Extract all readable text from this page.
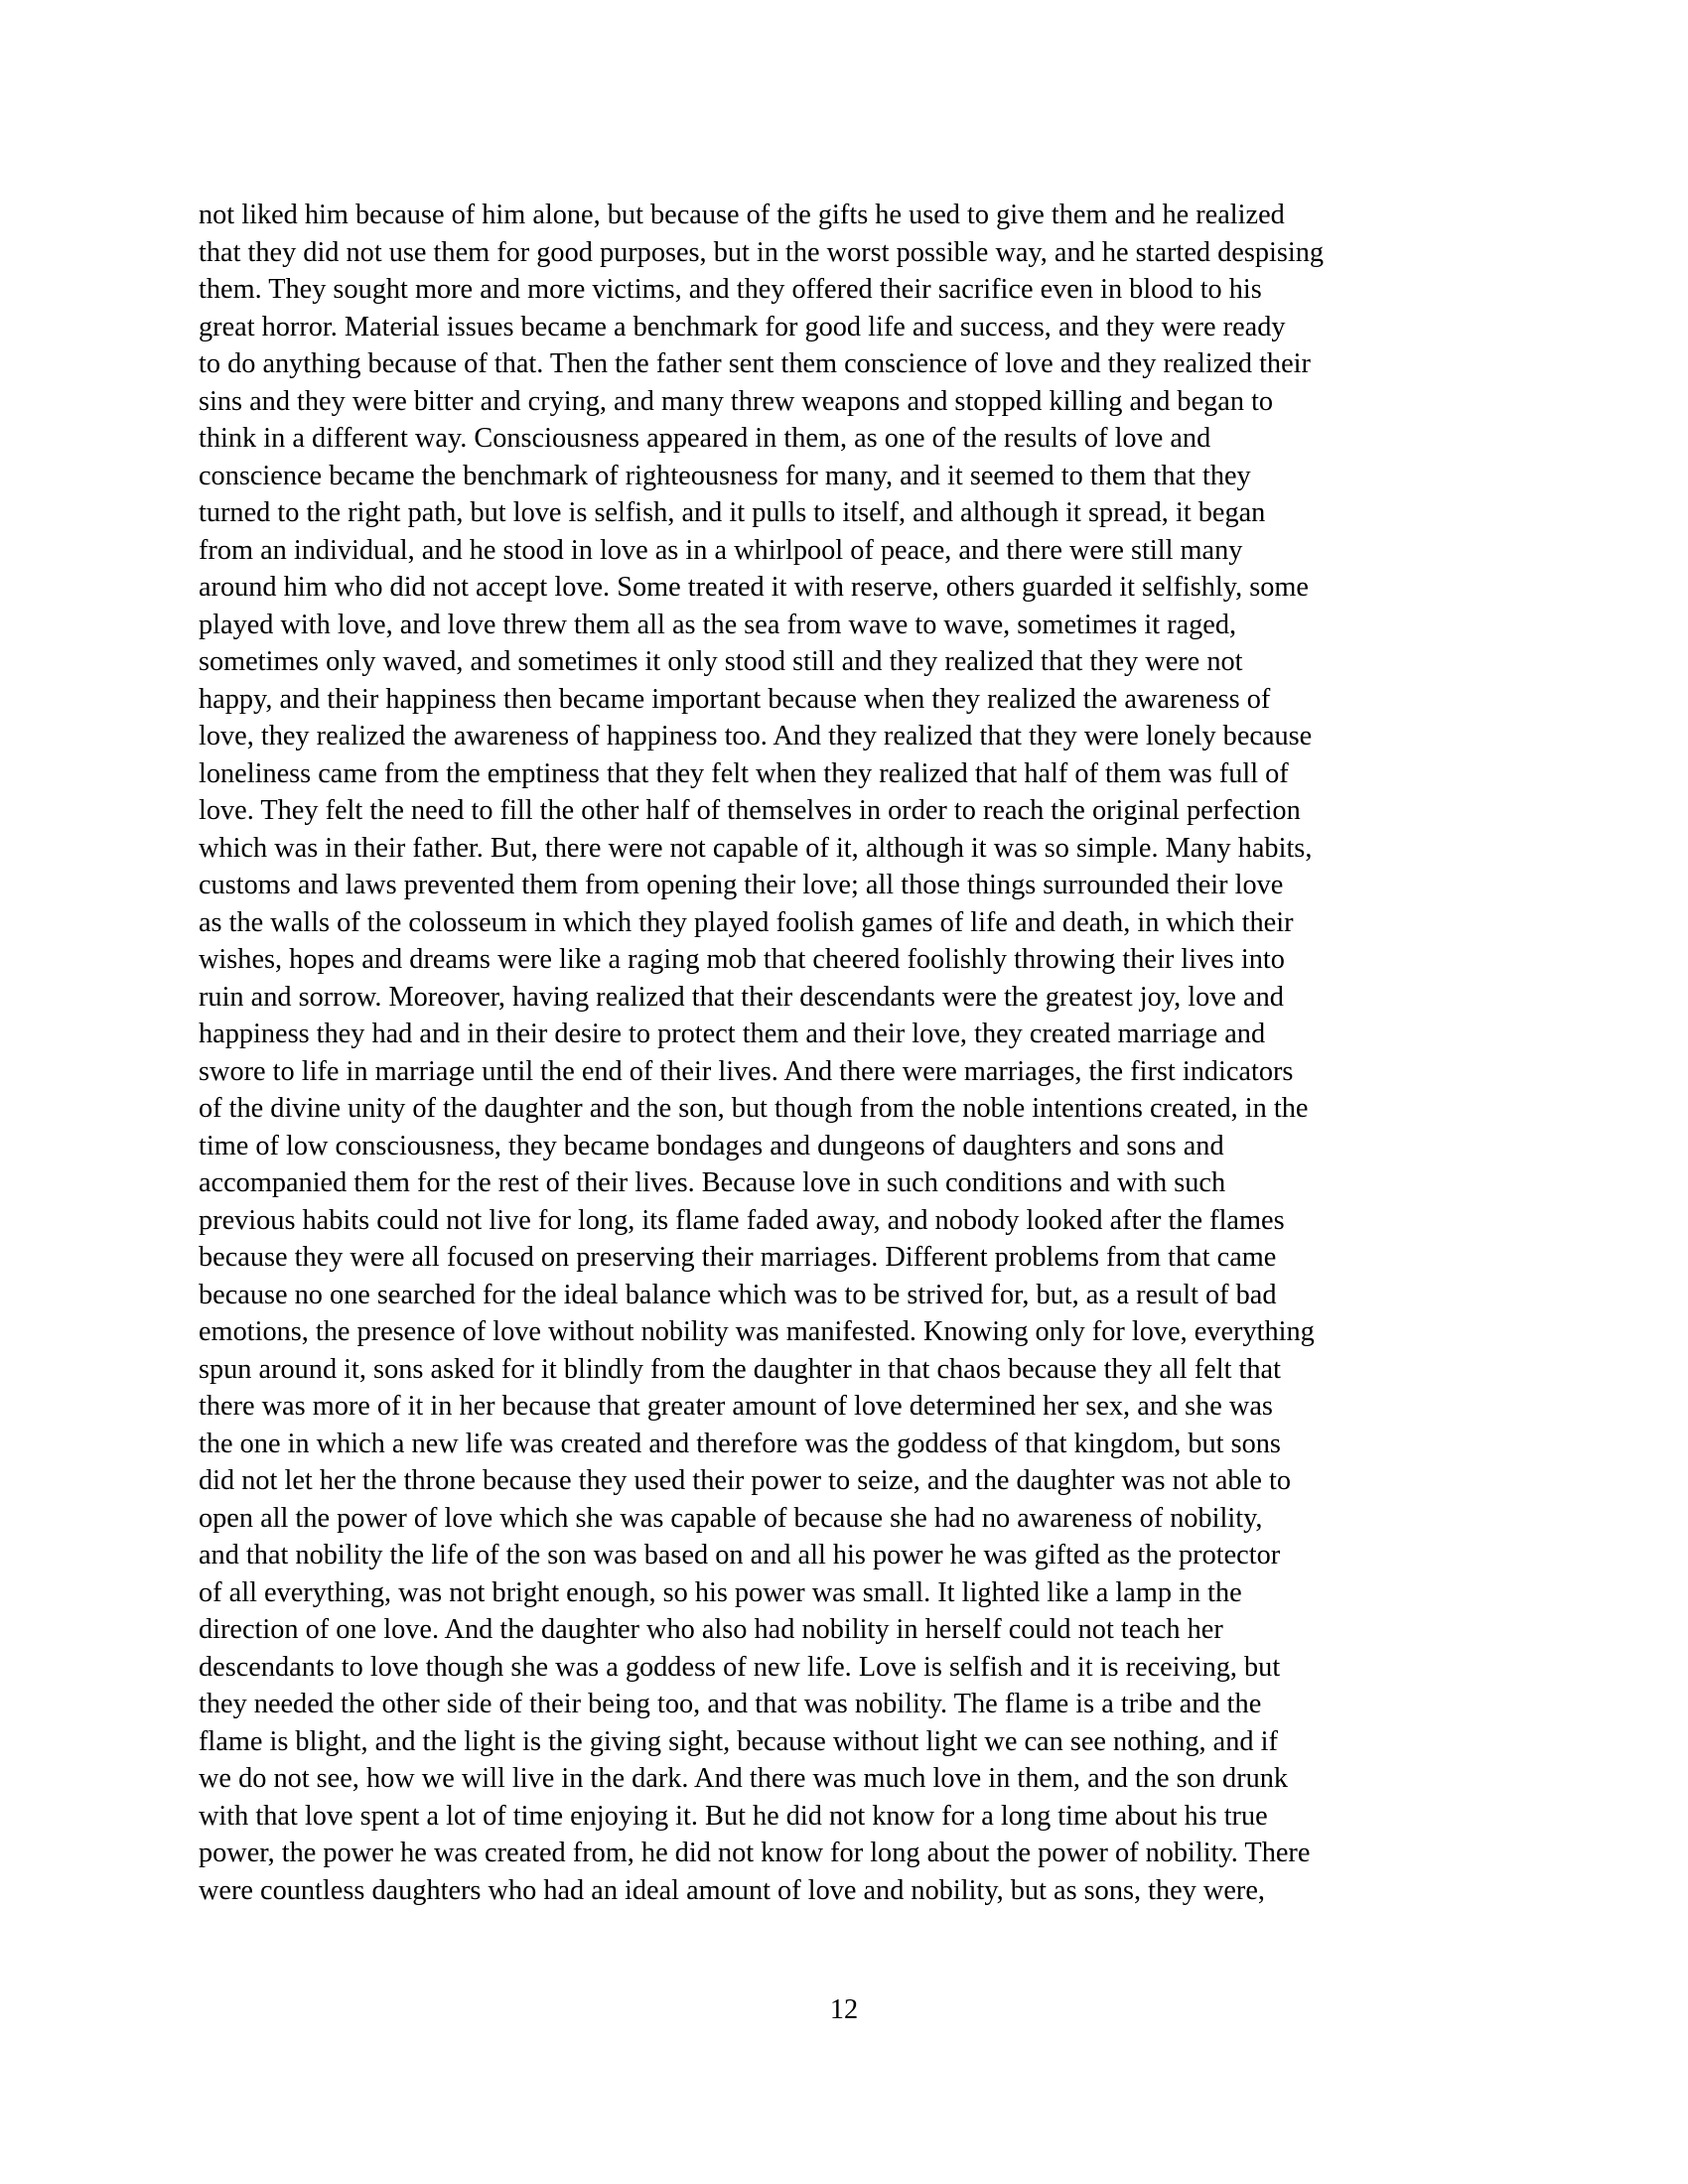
not liked him because of him alone, but because of the gifts he used to give them and he realized
that they did not use them for good purposes, but in the worst possible way, and he started despising
them. They sought more and more victims, and they offered their sacrifice even in blood to his
great horror. Material issues became a benchmark for good life and success, and they were ready
to do anything because of that. Then the father sent them conscience of love and they realized their
sins and they were bitter and crying, and many threw weapons and stopped killing and began to
think in a different way. Consciousness appeared in them, as one of the results of love and
conscience became the benchmark of righteousness for many, and it seemed to them that they
turned to the right path, but love is selfish, and it pulls to itself, and although it spread, it began
from an individual, and he stood in love as in a whirlpool of peace, and there were still many
around him who did not accept love. Some treated it with reserve, others guarded it selfishly, some
played with love, and love threw them all as the sea from wave to wave, sometimes it raged,
sometimes only waved, and sometimes it only stood still and they realized that they were not
happy, and their happiness then became important because when they realized the awareness of
love, they realized the awareness of happiness too. And they realized that they were lonely because
loneliness came from the emptiness that they felt when they realized that half of them was full of
love. They felt the need to fill the other half of themselves in order to reach the original perfection
which was in their father. But, there were not capable of it, although it was so simple. Many habits,
customs and laws prevented them from opening their love; all those things surrounded their love
as the walls of the colosseum in which they played foolish games of life and death, in which their
wishes, hopes and dreams were like a raging mob that cheered foolishly throwing their lives into
ruin and sorrow. Moreover, having realized that their descendants were the greatest joy, love and
happiness they had and in their desire to protect them and their love, they created marriage and
swore to life in marriage until the end of their lives. And there were marriages, the first indicators
of the divine unity of the daughter and the son, but though from the noble intentions created, in the
time of low consciousness, they became bondages and dungeons of daughters and sons and
accompanied them for the rest of their lives. Because love in such conditions and with such
previous habits could not live for long, its flame faded away, and nobody looked after the flames
because they were all focused on preserving their marriages. Different problems from that came
because no one searched for the ideal balance which was to be strived for, but, as a result of bad
emotions, the presence of love without nobility was manifested. Knowing only for love, everything
spun around it, sons asked for it blindly from the daughter in that chaos because they all felt that
there was more of it in her because that greater amount of love determined her sex, and she was
the one in which a new life was created and therefore was the goddess of that kingdom, but sons
did not let her the throne because they used their power to seize, and the daughter was not able to
open all the power of love which she was capable of because she had no awareness of nobility,
and that nobility the life of the son was based on and all his power he was gifted as the protector
of all everything, was not bright enough, so his power was small. It lighted like a lamp in the
direction of one love. And the daughter who also had nobility in herself could not teach her
descendants to love though she was a goddess of new life. Love is selfish and it is receiving, but
they needed the other side of their being too, and that was nobility. The flame is a tribe and the
flame is blight, and the light is the giving sight, because without light we can see nothing, and if
we do not see, how we will live in the dark. And there was much love in them, and the son drunk
with that love spent a lot of time enjoying it. But he did not know for a long time about his true
power, the power he was created from, he did not know for long about the power of nobility. There
were countless daughters who had an ideal amount of love and nobility, but as sons, they were,
12
